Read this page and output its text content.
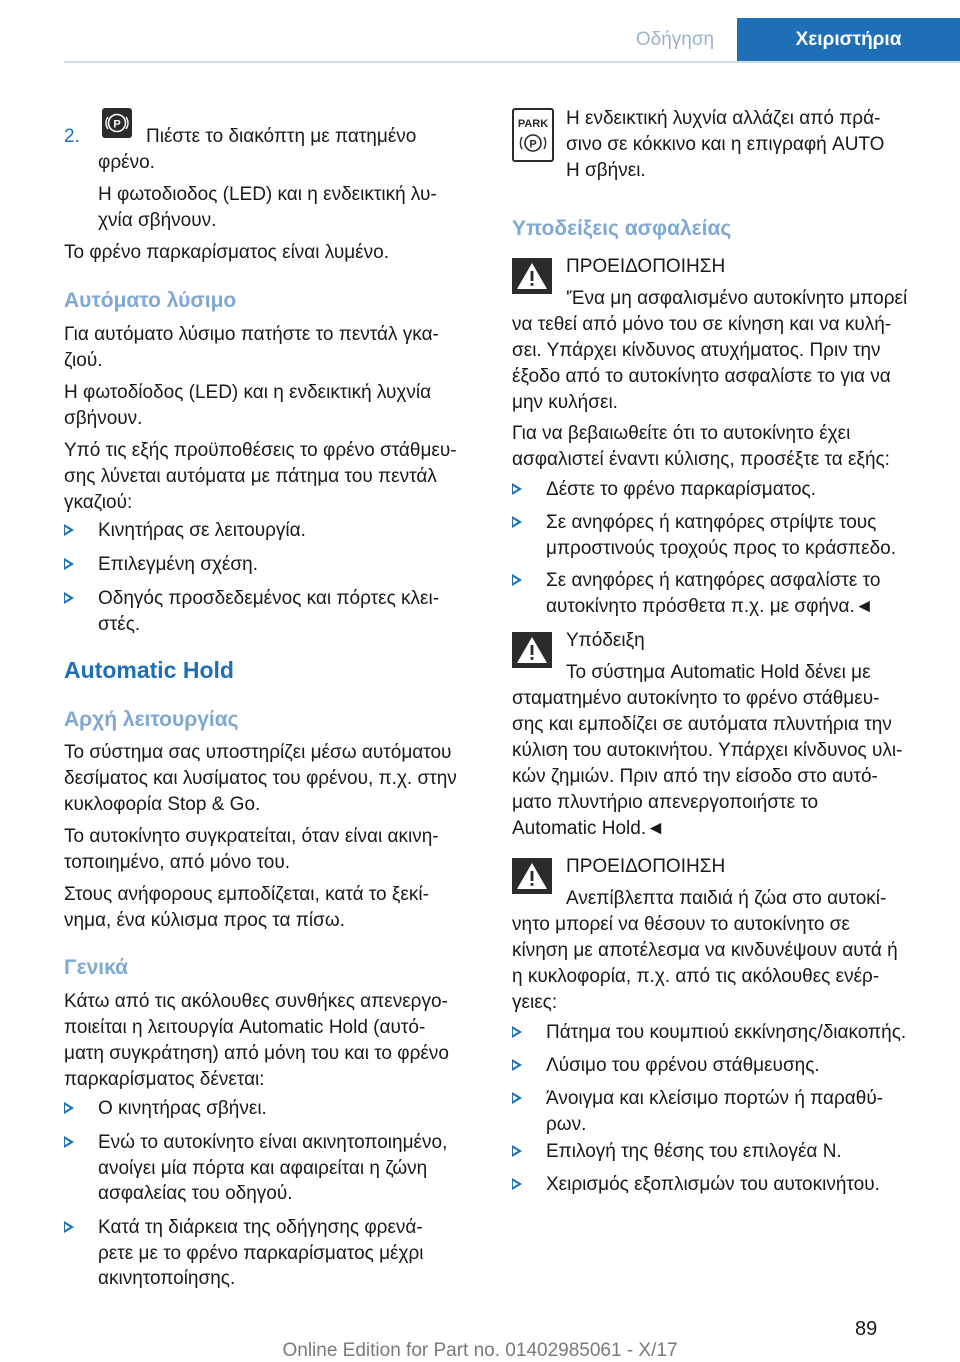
Οδήγηση	Χειριστήρια
2.
P

Πιέστε το διακόπτη με πατημένο

φρένο.

Η φωτοδιοδος (LED) και η ενδεικτική λυ‐

χνία σβήνουν.

Το φρένο παρκαρίσματος είναι λυμένο.

Αυτόματο λύσιμο

Για αυτόματο λύσιμο πατήστε το πεντάλ γκα‐

ζιού.

Η φωτοδίοδος (LED) και η ενδεικτική λυχνία

σβήνουν.

Υπό τις εξής προϋποθέσεις το φρένο στάθμευ‐

σης λύνεται αυτόματα με πάτημα του πεντάλ

γκαζιού:

Κινητήρας σε λειτουργία.
Επιλεγμένη σχέση.
Οδηγός προσδεδεμένος και πόρτες κλει‐
στές.
Automatic Hold
Αρχή λειτουργίας

Το σύστημα σας υποστηρίζει μέσω αυτόματου

δεσίματος και λυσίματος του φρένου, π.χ. στην

κυκλοφορία Stop & Go.

Το αυτοκίνητο συγκρατείται, όταν είναι ακινη‐

τοποιημένο, από μόνο του.

Στους ανήφορους εμποδίζεται, κατά το ξεκί‐

νημα, ένα κύλισμα προς τα πίσω.

Γενικά

Κάτω από τις ακόλουθες συνθήκες απενεργο‐

ποιείται η λειτουργία Automatic Hold (αυτό‐

ματη συγκράτηση) από μόνη του και το φρένο

παρκαρίσματος δένεται:

Ο κινητήρας σβήνει.
Ενώ το αυτοκίνητο είναι ακινητοποιημένο,
ανοίγει μία πόρτα και αφαιρείται η ζώνη
ασφαλείας του οδηγού.
Κατά τη διάρκεια της οδήγησης φρενά‐
ρετε με το φρένο παρκαρίσματος μέχρι
ακινητοποίησης.
PARK
P

Η ενδεικτική λυχνία αλλάζει από πρά‐

σινο σε κόκκινο και η επιγραφή AUTO

H σβήνει.

Υποδείξεις ασφαλείας

ΠΡΟΕΙΔΟΠΟΙΗΣΗ

'Ένα μη ασφαλισμένο αυτοκίνητο μπορεί

να τεθεί από μόνο του σε κίνηση και να κυλή‐

σει. Υπάρχει κίνδυνος ατυχήματος. Πριν την

έξοδο από το αυτοκίνητο ασφαλίστε το για να

μην κυλήσει.

Για να βεβαιωθείτε ότι το αυτοκίνητο έχει

ασφαλιστεί έναντι κύλισης, προσέξτε τα εξής:

Δέστε το φρένο παρκαρίσματος.
Σε ανηφόρες ή κατηφόρες στρίψτε τους
μπροστινούς τροχούς προς το κράσπεδο.
Σε ανηφόρες ή κατηφόρες ασφαλίστε το
αυτοκίνητο πρόσθετα π.χ. με σφήνα.◄

Υπόδειξη

Το σύστημα Automatic Hold δένει με

σταματημένο αυτοκίνητο το φρένο στάθμευ‐

σης και εμποδίζει σε αυτόματα πλυντήρια την

κύλιση του αυτοκινήτου. Υπάρχει κίνδυνος υλι‐

κών ζημιών. Πριν από την είσοδο στο αυτό‐

ματο πλυντήριο απενεργοποιήστε το

Automatic Hold.◄

ΠΡΟΕΙΔΟΠΟΙΗΣΗ

Ανεπίβλεπτα παιδιά ή ζώα στο αυτοκί‐

νητο μπορεί να θέσουν το αυτοκίνητο σε

κίνηση με αποτέλεσμα να κινδυνέψουν αυτά ή

η κυκλοφορία, π.χ. από τις ακόλουθες ενέρ‐

γειες:

Πάτημα του κουμπιού εκκίνησης/διακοπής.
Λύσιμο του φρένου στάθμευσης.
Άνοιγμα και κλείσιμο πορτών ή παραθύ‐
ρων.
Επιλογή της θέσης του επιλογέα N.
Χειρισμός εξοπλισμών του αυτοκινήτου.
89
Online Edition for Part no. 01402985061 - X/17
